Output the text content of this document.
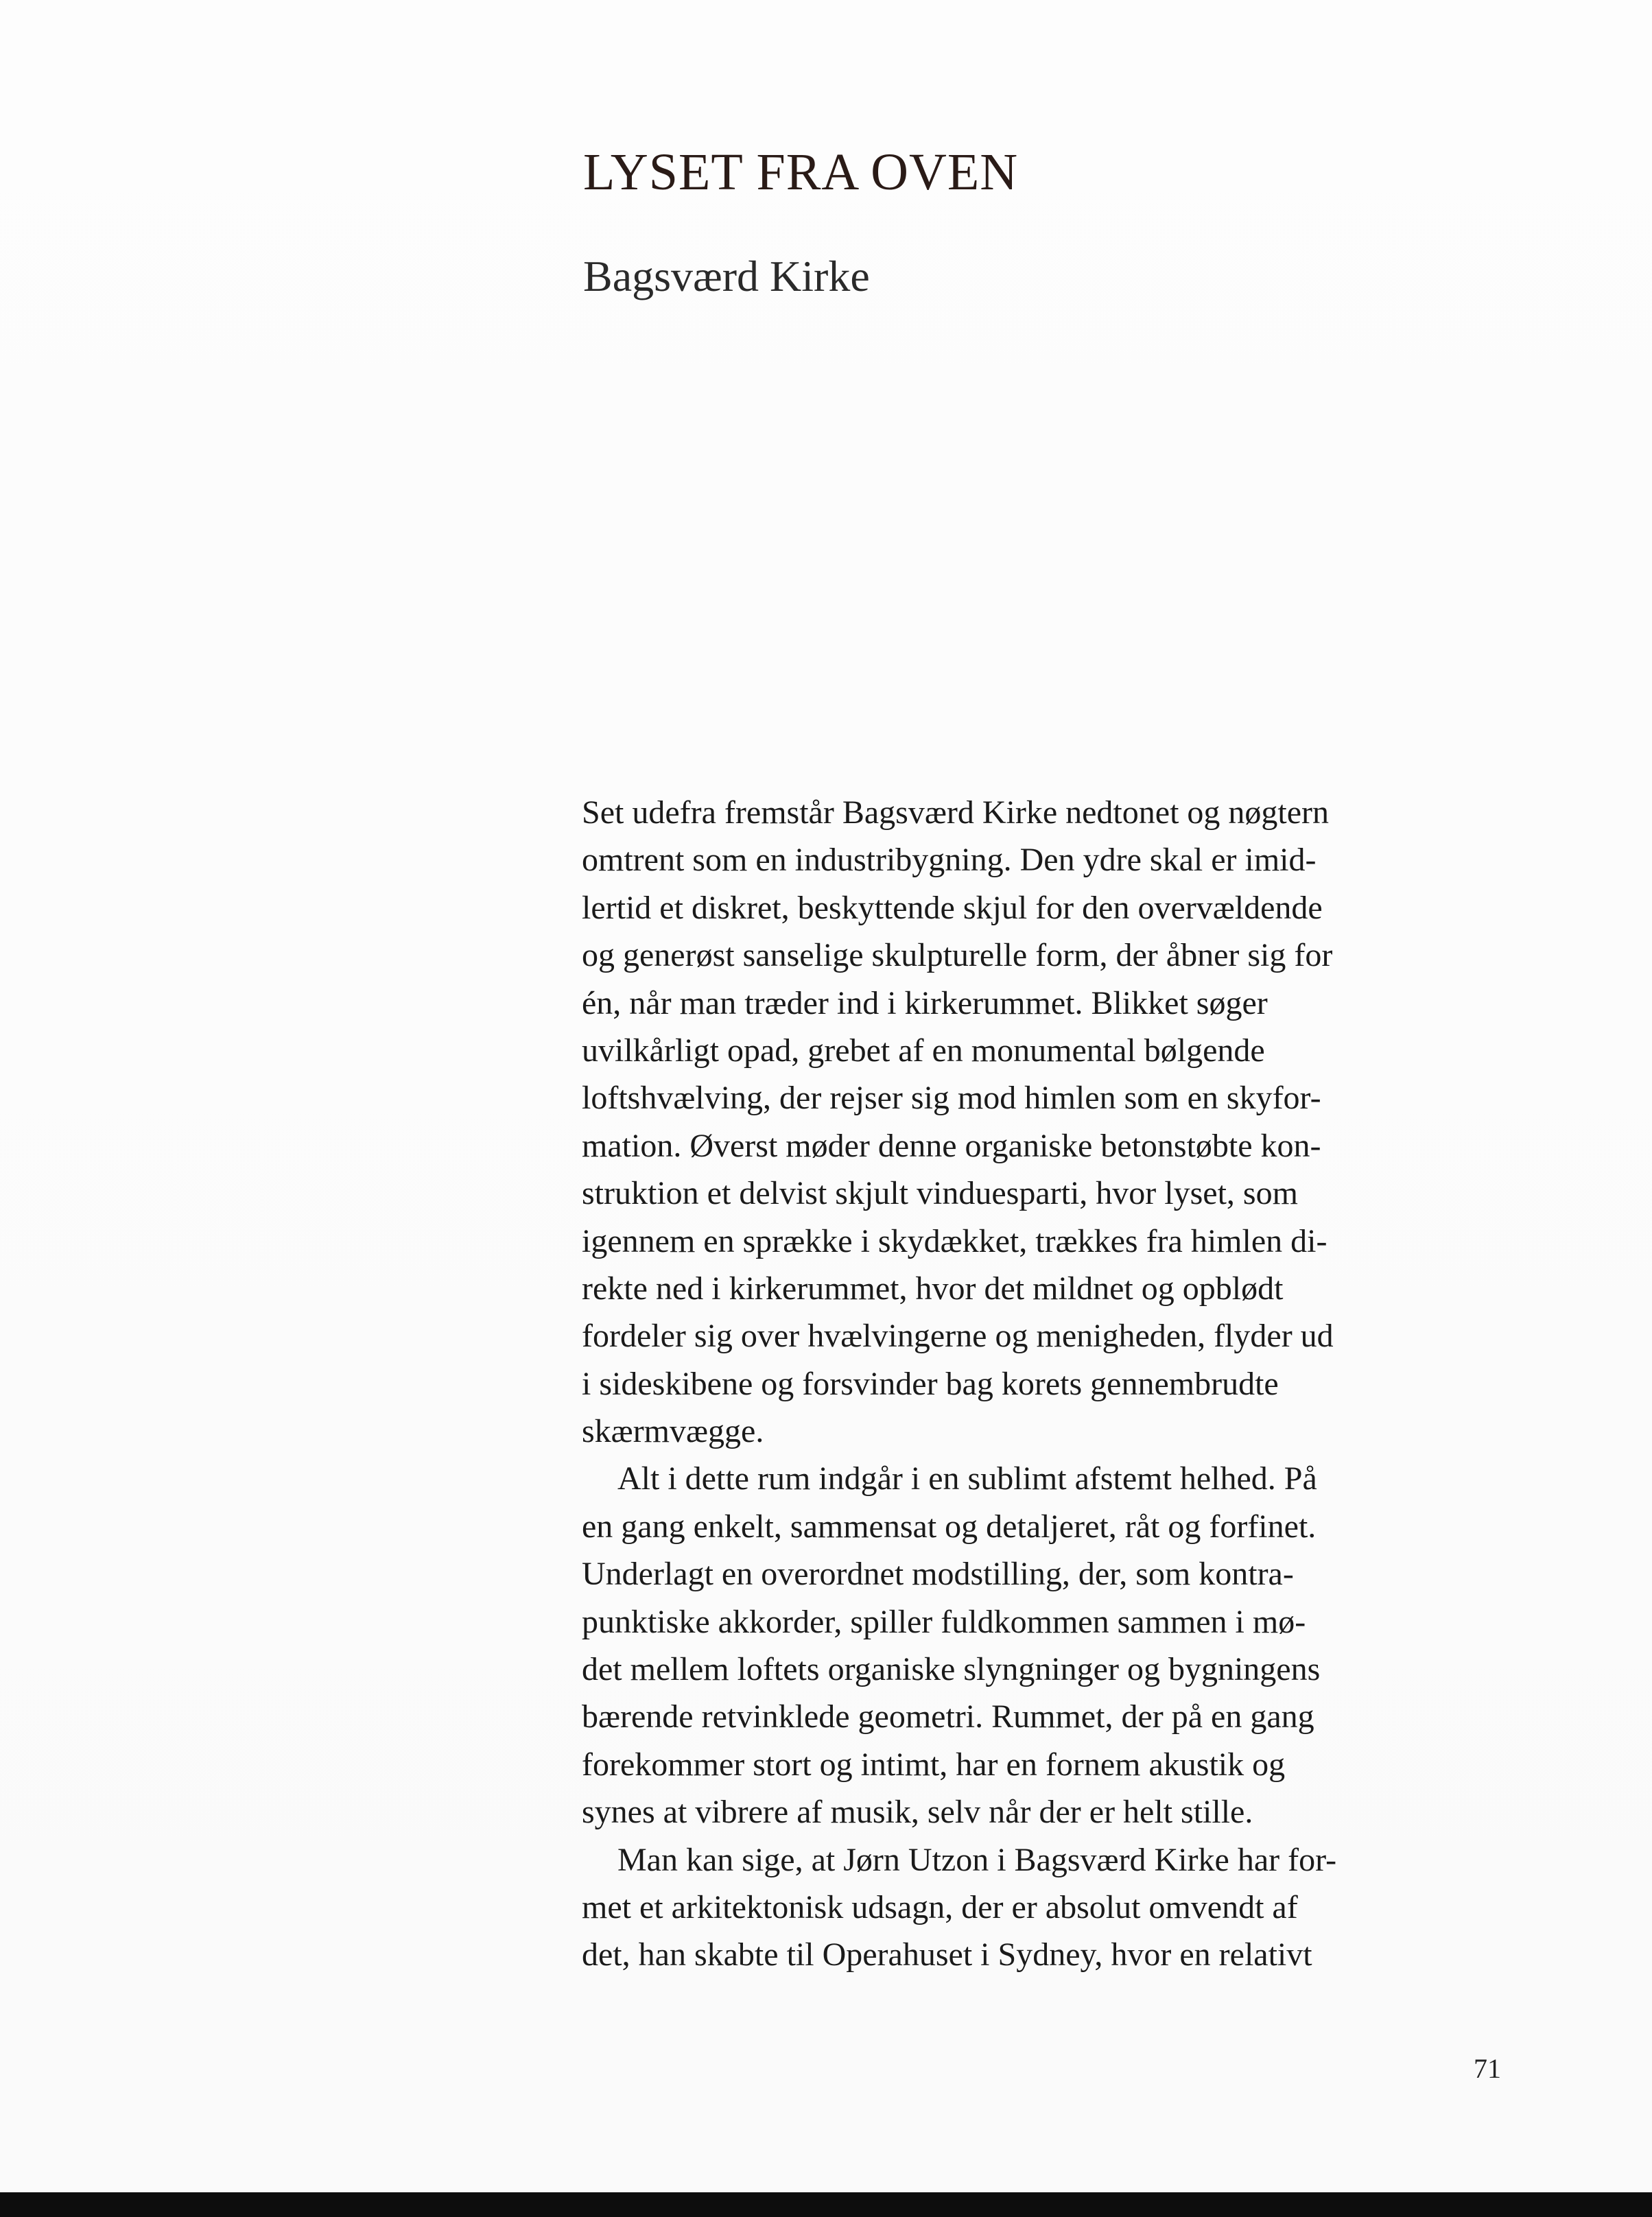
LYSET FRA OVEN
Bagsværd Kirke
Set udefra fremstår Bagsværd Kirke nedtonet og nøgtern
omtrent som en industribygning. Den ydre skal er imid-
lertid et diskret, beskyttende skjul for den overvældende
og generøst sanselige skulpturelle form, der åbner sig for
én, når man træder ind i kirkerummet. Blikket søger
uvilkårligt opad, grebet af en monumental bølgende
loftshvælving, der rejser sig mod himlen som en skyfor-
mation. Øverst møder denne organiske betonstøbte kon-
struktion et delvist skjult vinduesparti, hvor lyset, som
igennem en sprække i skydækket, trækkes fra himlen di-
rekte ned i kirkerummet, hvor det mildnet og opblødt
fordeler sig over hvælvingerne og menigheden, flyder ud
i sideskibene og forsvinder bag korets gennembrudte
skærmvægge.
Alt i dette rum indgår i en sublimt afstemt helhed. På
en gang enkelt, sammensat og detaljeret, råt og forfinet.
Underlagt en overordnet modstilling, der, som kontra-
punktiske akkorder, spiller fuldkommen sammen i mø-
det mellem loftets organiske slyngninger og bygningens
bærende retvinklede geometri. Rummet, der på en gang
forekommer stort og intimt, har en fornem akustik og
synes at vibrere af musik, selv når der er helt stille.
Man kan sige, at Jørn Utzon i Bagsværd Kirke har for-
met et arkitektonisk udsagn, der er absolut omvendt af
det, han skabte til Operahuset i Sydney, hvor en relativt
71
